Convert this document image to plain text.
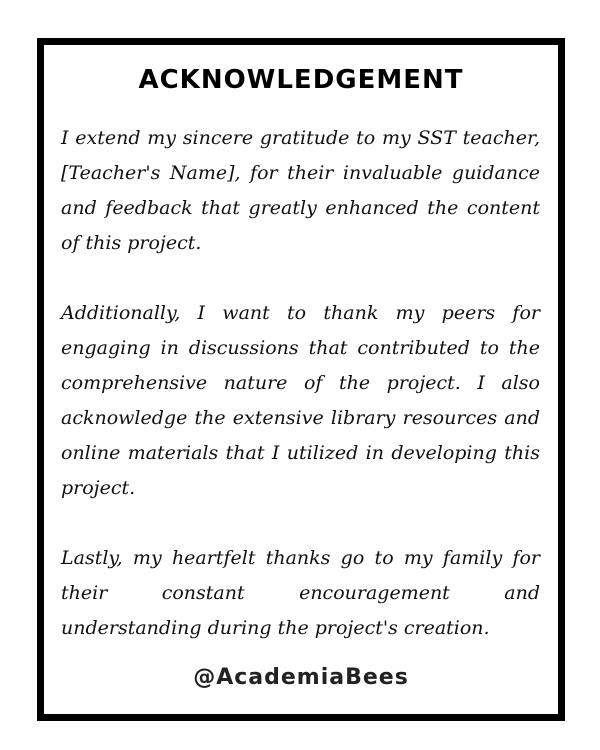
ACKNOWLEDGEMENT

I extend my sincere gratitude to my SST teacher, [Teacher's Name], for their invaluable guidance and feedback that greatly enhanced the content of this project.

Additionally, I want to thank my peers for engaging in discussions that contributed to the comprehensive nature of the project. I also acknowledge the extensive library resources and online materials that I utilized in developing this project.

Lastly, my heartfelt thanks go to my family for their constant encouragement and understanding during the project's creation.

@AcademiaBees
